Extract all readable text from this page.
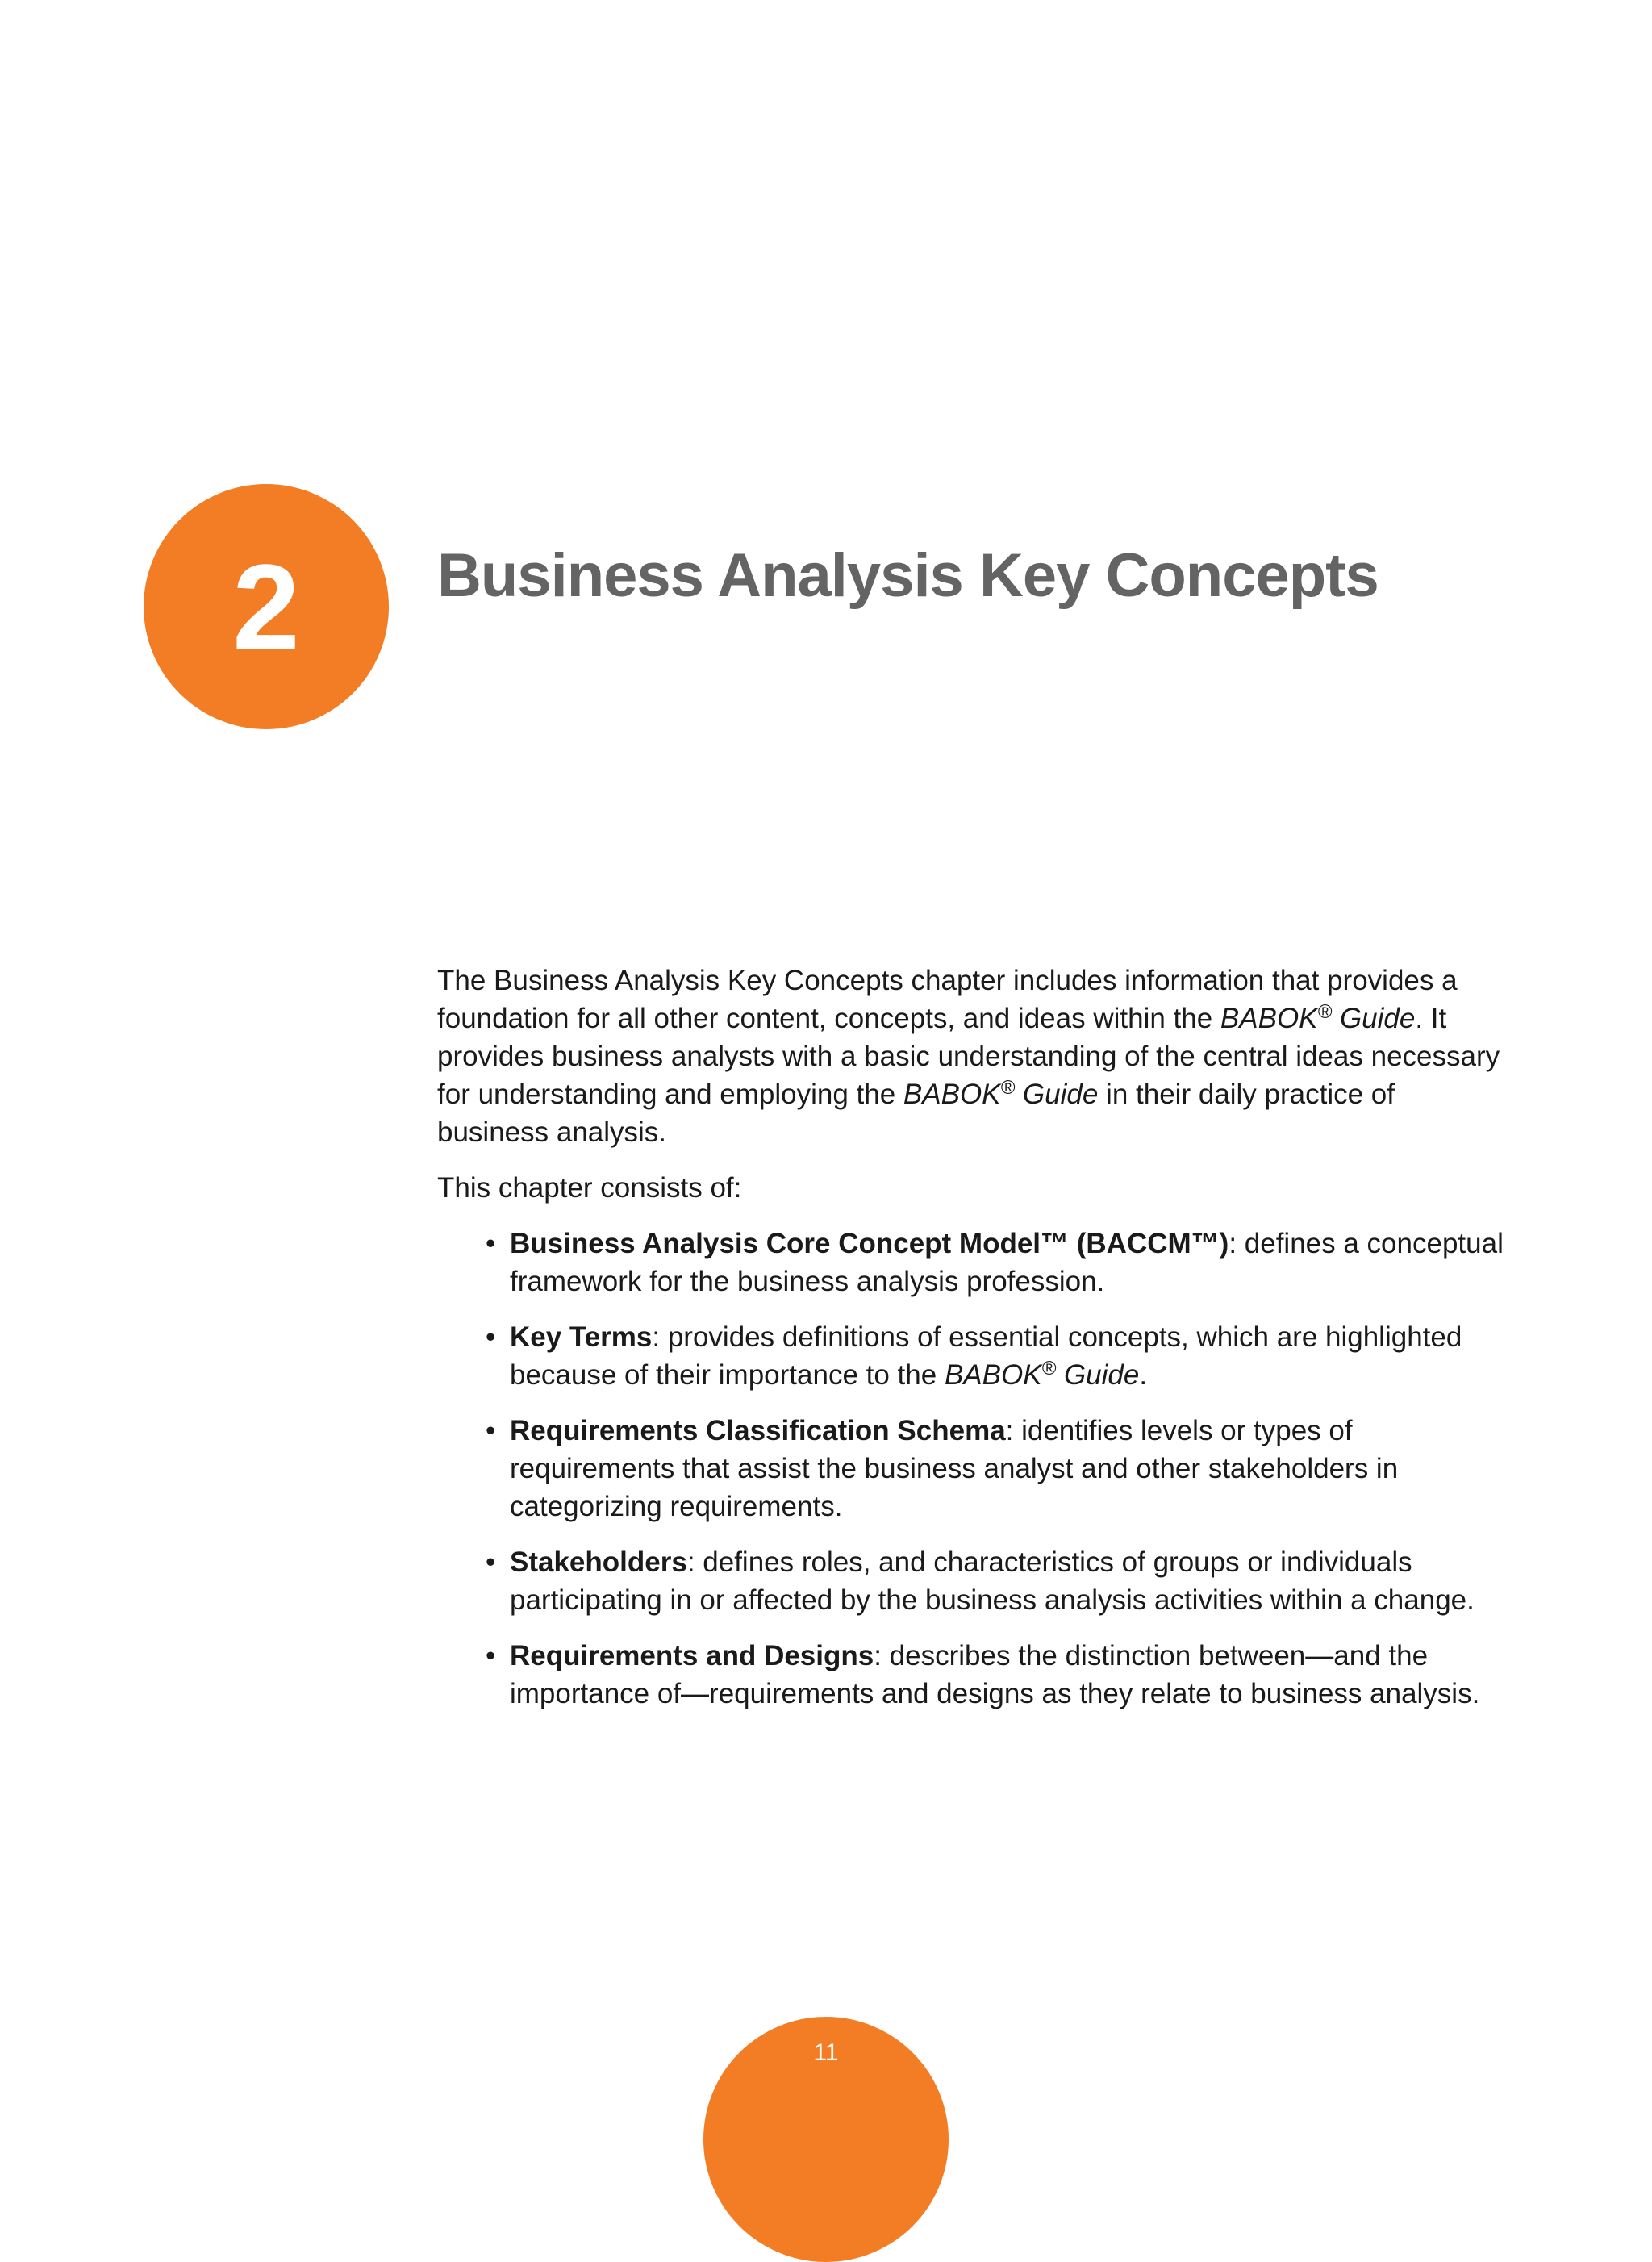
2 Business Analysis Key Concepts

The Business Analysis Key Concepts chapter includes information that provides a foundation for all other content, concepts, and ideas within the BABOK® Guide. It provides business analysts with a basic understanding of the central ideas necessary for understanding and employing the BABOK® Guide in their daily practice of business analysis.

This chapter consists of:

• Business Analysis Core Concept Model™ (BACCM™): defines a conceptual framework for the business analysis profession.
• Key Terms: provides definitions of essential concepts, which are highlighted because of their importance to the BABOK® Guide.
• Requirements Classification Schema: identifies levels or types of requirements that assist the business analyst and other stakeholders in categorizing requirements.
• Stakeholders: defines roles, and characteristics of groups or individuals participating in or affected by the business analysis activities within a change.
• Requirements and Designs: describes the distinction between—and the importance of—requirements and designs as they relate to business analysis.
11
